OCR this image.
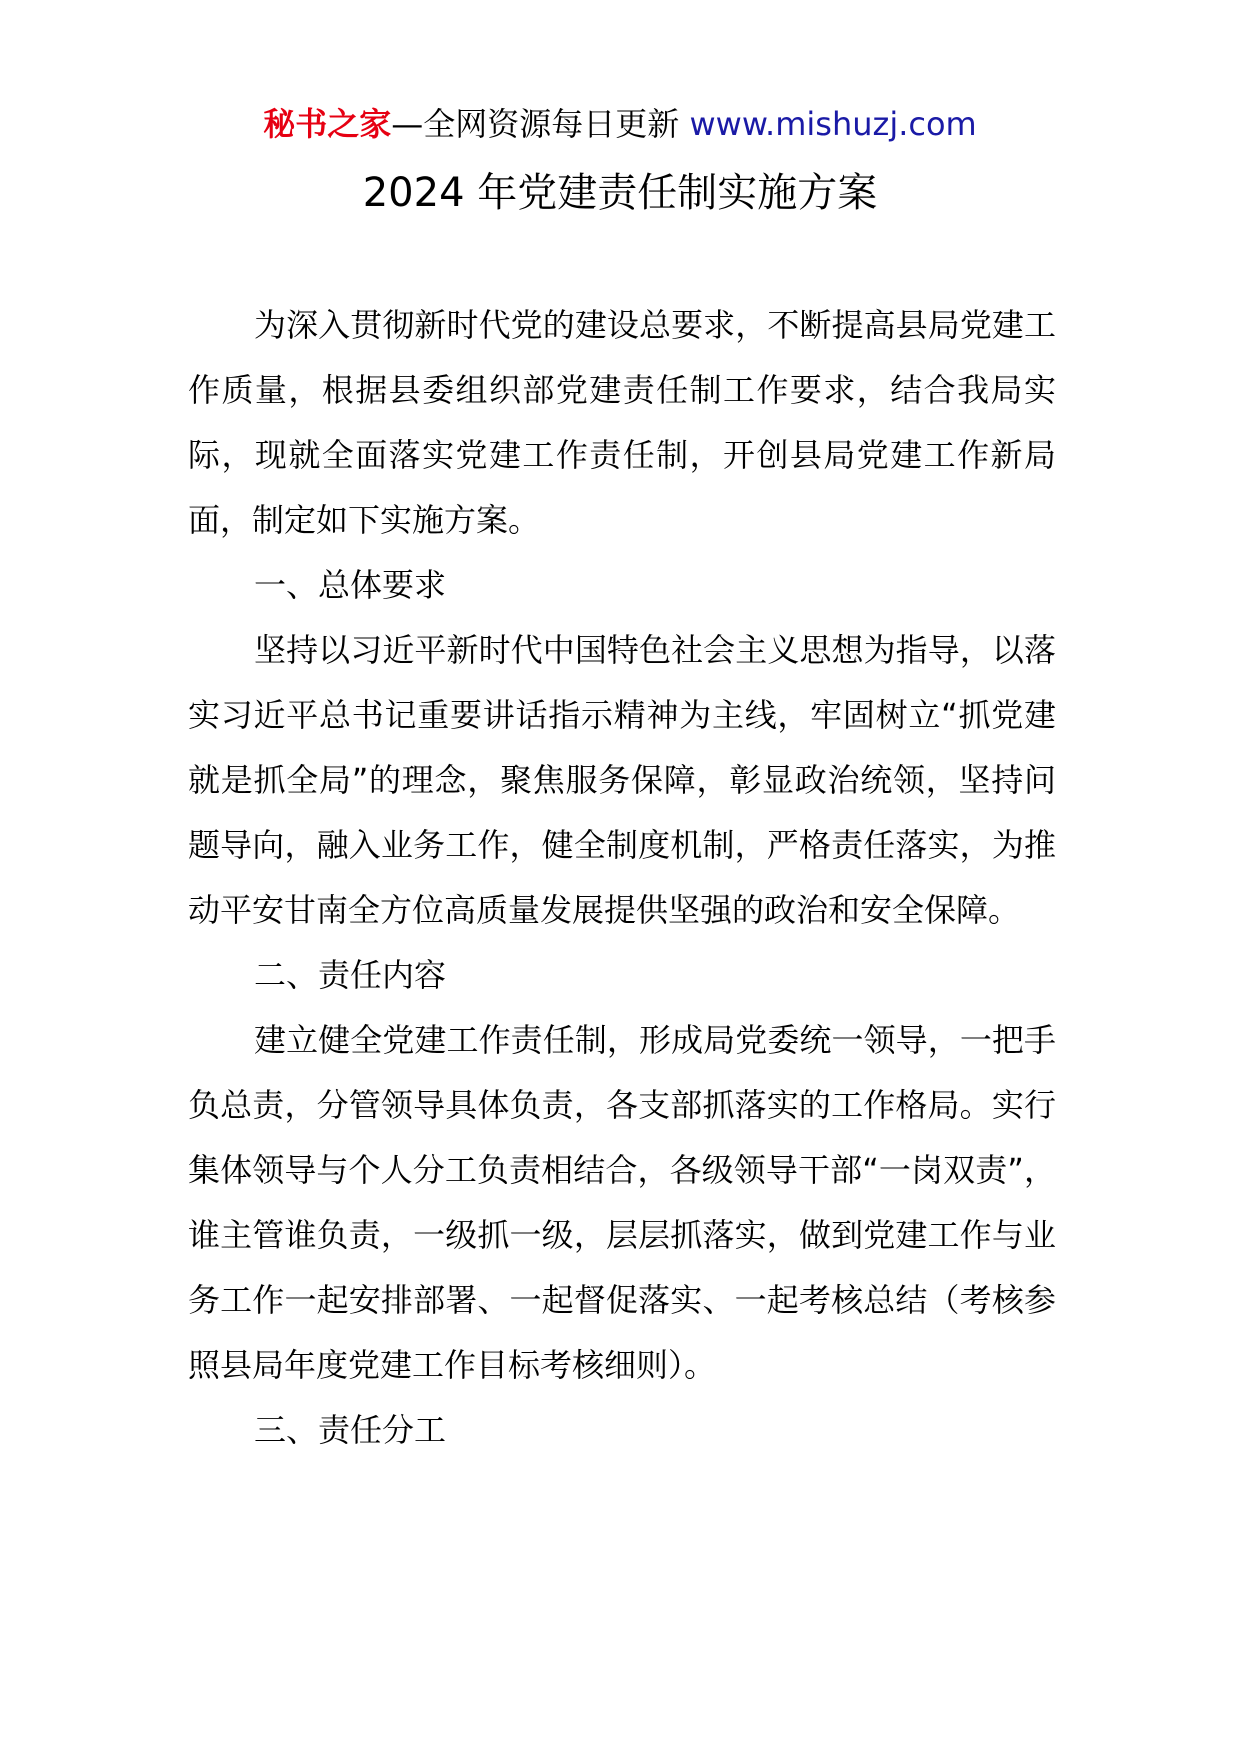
秘书之家—全网资源每日更新 www.mishuzj.com
2024 年党建责任制实施方案

为深入贯彻新时代党的建设总要求，不断提高县局党建工作质量，根据县委组织部党建责任制工作要求，结合我局实际，现就全面落实党建工作责任制，开创县局党建工作新局面，制定如下实施方案。

一、总体要求

坚持以习近平新时代中国特色社会主义思想为指导，以落实习近平总书记重要讲话指示精神为主线，牢固树立“抓党建就是抓全局”的理念，聚焦服务保障，彰显政治统领，坚持问题导向，融入业务工作，健全制度机制，严格责任落实，为推动平安甘南全方位高质量发展提供坚强的政治和安全保障。

二、责任内容

建立健全党建工作责任制，形成局党委统一领导，一把手负总责，分管领导具体负责，各支部抓落实的工作格局。实行集体领导与个人分工负责相结合，各级领导干部“一岗双责”，谁主管谁负责，一级抓一级，层层抓落实，做到党建工作与业务工作一起安排部署、一起督促落实、一起考核总结（考核参照县局年度党建工作目标考核细则）。

三、责任分工
